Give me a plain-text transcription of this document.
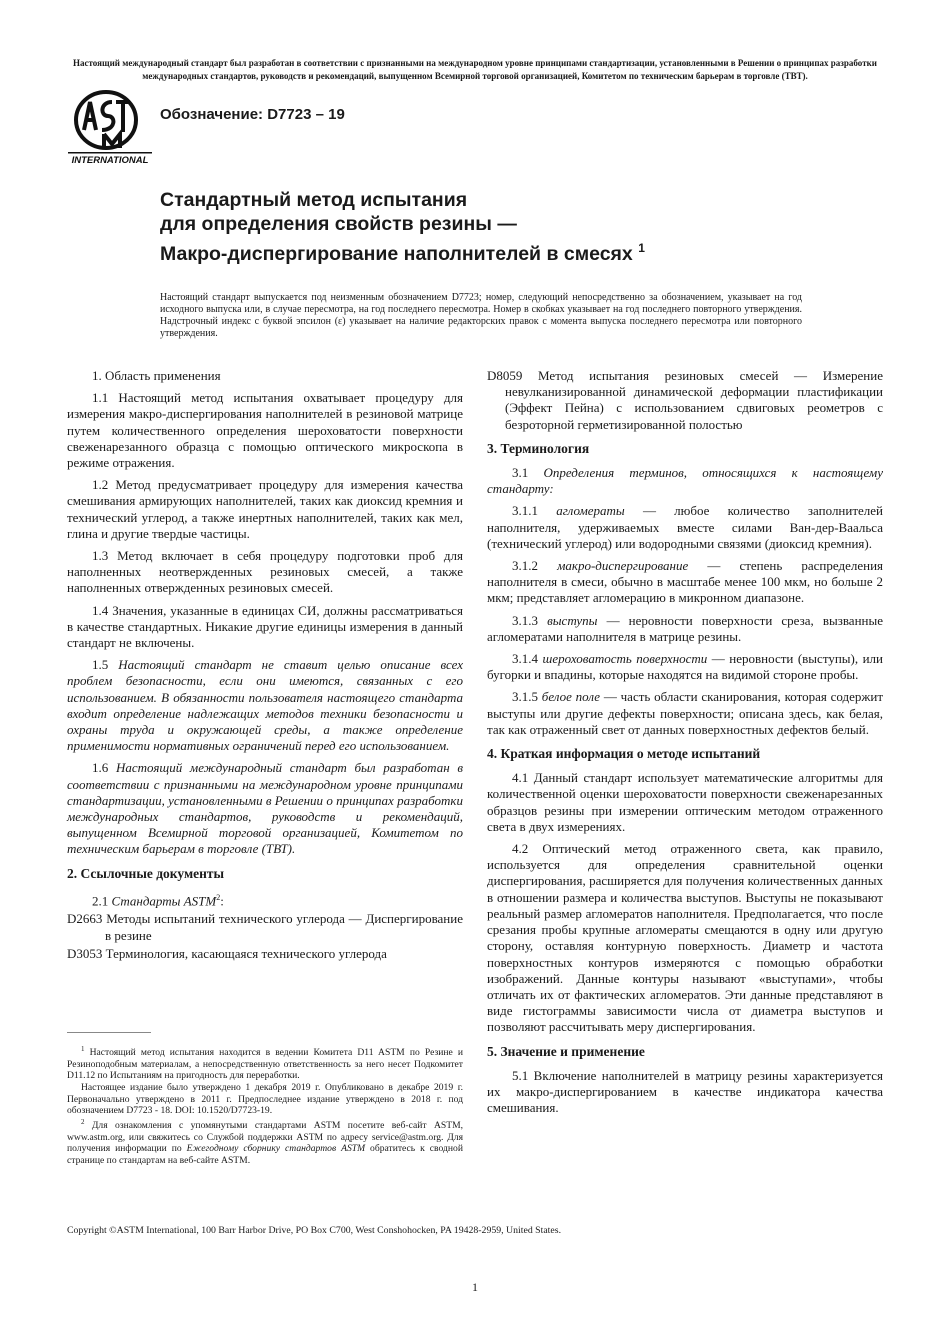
Настоящий международный стандарт был разработан в соответствии с признанными на международном уровне принципами стандартизации, установленными в Решении о принципах разработки международных стандартов, руководств и рекомендаций, выпущенном Всемирной торговой организацией, Комитетом по техническим барьерам в торговле (ТВТ).
INTERNATIONAL
Обозначение: D7723 – 19
Стандартный метод испытания
для определения свойств резины —
Макро-диспергирование наполнителей в смесях $^1$
Настоящий стандарт выпускается под неизменным обозначением D7723; номер, следующий непосредственно за обозначением, указывает на год исходного выпуска или, в случае пересмотра, на год последнего пересмотра. Номер в скобках указывает на год последнего повторного утверждения. Надстрочный индекс с буквой эпсилон (ε) указывает на наличие редакторских правок с момента выпуска последнего пересмотра или повторного утверждения.

1. Область применения

1.1 Настоящий метод испытания охватывает процедуру для измерения макро-диспергирования наполнителей в резиновой матрице путем количественного определения шероховатости поверхности свеженарезанного образца с помощью оптического микроскопа в режиме отражения.

1.2 Метод предусматривает процедуру для измерения качества смешивания армирующих наполнителей, таких как диоксид кремния и технический углерод, а также инертных наполнителей, таких как мел, глина и другие твердые частицы.

1.3 Метод включает в себя процедуру подготовки проб для наполненных неотвержденных резиновых смесей, а также наполненных отвержденных резиновых смесей.

1.4 Значения, указанные в единицах СИ, должны рассматриваться в качестве стандартных. Никакие другие единицы измерения в данный стандарт не включены.

1.5 Настоящий стандарт не ставит целью описание всех проблем безопасности, если они имеются, связанных с его использованием. В обязанности пользователя настоящего стандарта входит определение надлежащих методов техники безопасности и охраны труда и окружающей среды, а также определение применимости нормативных ограничений перед его использованием.

1.6 Настоящий международный стандарт был разработан в соответствии с признанными на международном уровне принципами стандартизации, установленными в Решении о принципах разработки международных стандартов, руководств и рекомендаций, выпущенном Всемирной торговой организацией, Комитетом по техническим барьерам в торговле (ТВТ).

2. Ссылочные документы

2.1 Стандарты ASTM$^2$:

D2663 Методы испытаний технического углерода — Диспергирование в резине

D3053 Терминология, касающаяся технического углерода

$^1$ Настоящий метод испытания находится в ведении Комитета D11 ASTM по Резине и Резиноподобным материалам, а непосредственную ответственность за него несет Подкомитет D11.12 по Испытаниям на пригодность для переработки.

Настоящее издание было утверждено 1 декабря 2019 г. Опубликовано в декабре 2019 г. Первоначально утверждено в 2011 г. Предпоследнее издание утверждено в 2018 г. под обозначением D7723 - 18. DOI: 10.1520/D7723-19.

$^2$ Для ознакомления с упомянутыми стандартами ASTM посетите веб-сайт ASTM, www.astm.org, или свяжитесь со Службой поддержки ASTM по адресу service@astm.org. Для получения информации по Ежегодному сборнику стандартов ASTM обратитесь к сводной странице по стандартам на веб-сайте ASTM.

D8059 Метод испытания резиновых смесей — Измерение невулканизированной динамической деформации пластификации (Эффект Пейна) с использованием сдвиговых реометров с безроторной герметизированной полостью

3. Терминология

3.1 Определения терминов, относящихся к настоящему стандарту:

3.1.1 агломераты — любое количество заполнителей наполнителя, удерживаемых вместе силами Ван-дер-Ваальса (технический углерод) или водородными связями (диоксид кремния).

3.1.2 макро-диспергирование — степень распределения наполнителя в смеси, обычно в масштабе менее 100 мкм, но больше 2 мкм; представляет агломерацию в микронном диапазоне.

3.1.3 выступы — неровности поверхности среза, вызванные агломератами наполнителя в матрице резины.

3.1.4 шероховатость поверхности — неровности (выступы), или бугорки и впадины, которые находятся на видимой стороне пробы.

3.1.5 белое поле — часть области сканирования, которая содержит выступы или другие дефекты поверхности; описана здесь, как белая, так как отраженный свет от данных поверхностных дефектов белый.

4. Краткая информация о методе испытаний

4.1 Данный стандарт использует математические алгоритмы для количественной оценки шероховатости поверхности свеженарезанных образцов резины при измерении оптическим методом отраженного света в двух измерениях.

4.2 Оптический метод отраженного света, как правило, используется для определения сравнительной оценки диспергирования, расширяется для получения количественных данных в отношении размера и количества выступов. Выступы не показывают реальный размер агломератов наполнителя. Предполагается, что после срезания пробы крупные агломераты смещаются в одну или другую сторону, оставляя контурную поверхность. Диаметр и частота поверхностных контуров измеряются с помощью обработки изображений. Данные контуры называют «выступами», чтобы отличать их от фактических агломератов. Эти данные представляют в виде гистограммы зависимости числа от диаметра выступов и позволяют рассчитывать меру диспергирования.

5. Значение и применение

5.1 Включение наполнителей в матрицу резины характеризуется их макро-диспергированием в качестве индикатора качества смешивания.

Copyright ©ASTM International, 100 Barr Harbor Drive, PO Box C700, West Conshohocken, PA 19428-2959, United States.
1
